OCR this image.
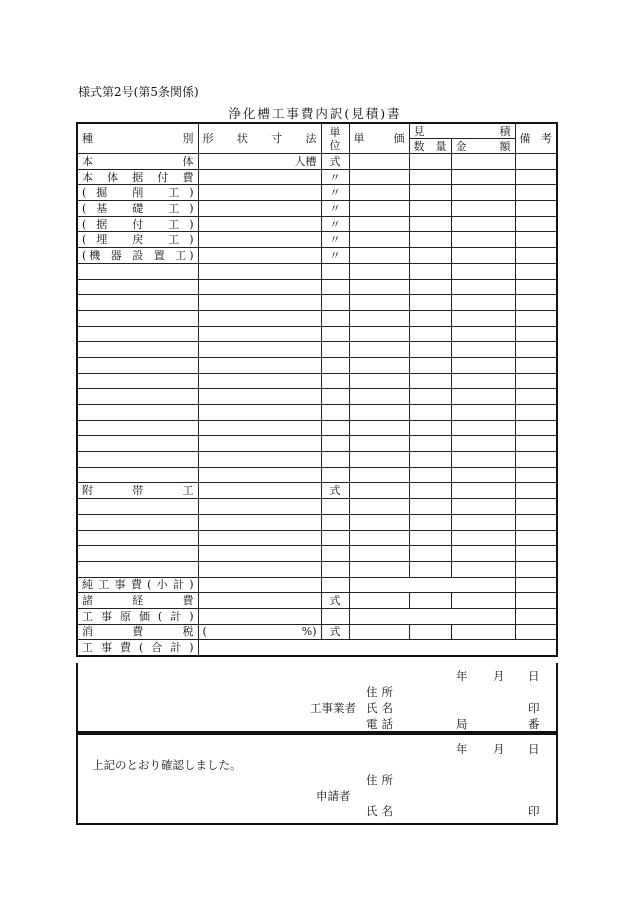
様式第2号(第5条関係)
浄化槽工事費内訳(見積)書
種別	形状寸法	単位	単価	見積		備考
				数量	金額	
本体	人槽	式				
本体据付費		〃				

( 掘削工 )		〃				

( 基礎工 )		〃				

( 据付工 )		〃				

( 埋戻工 )		〃				

( 機器設置工 )		〃				

附帯工		式				

純工事費(小計)						
諸経費		式				
工事原価(計)						
消費税	( %)	式				
工事費(合計)						
年 月 日
住所
工事業者 氏名	印
電話	局	番
年 月 日
上記のとおり確認しました。
住所
申請者
氏名	印
